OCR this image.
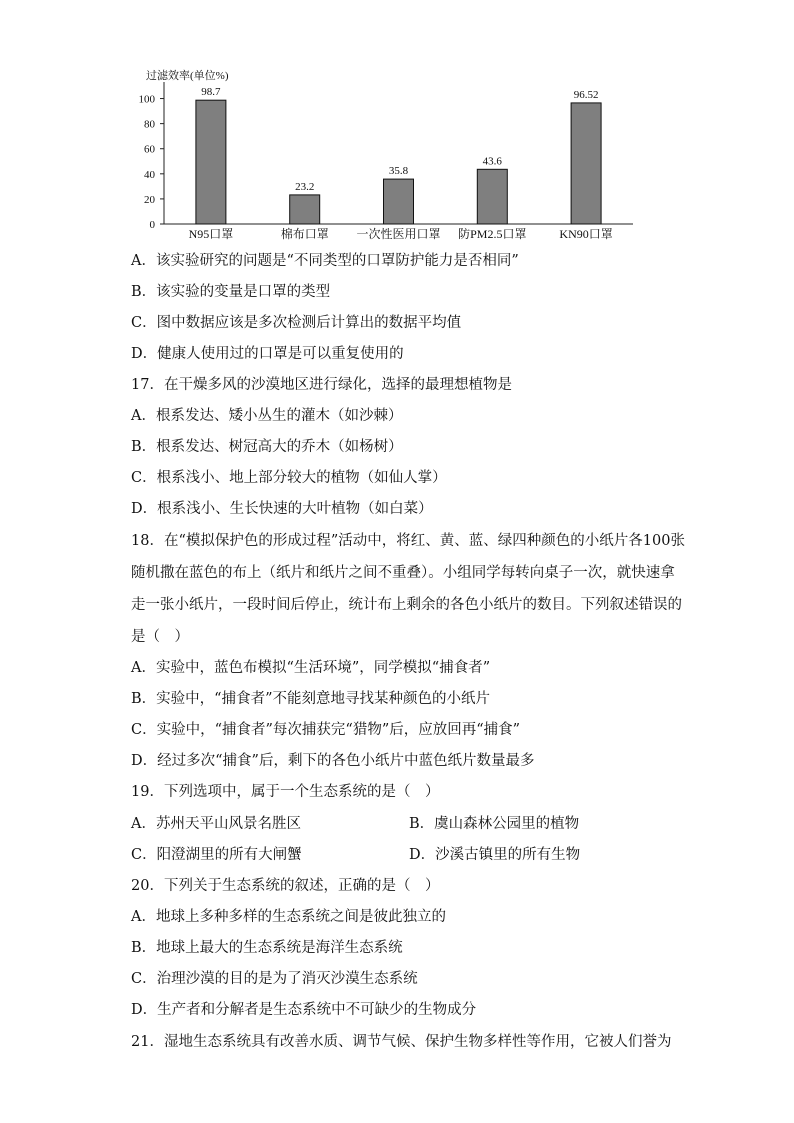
过滤效率(单位%)
0
20
40
60
80
100
98.7
N95口罩
23.2
棉布口罩
35.8
一次性医用口罩
43.6
防PM2.5口罩
96.52
KN90口罩
A．该实验研究的问题是“不同类型的口罩防护能力是否相同”
B．该实验的变量是口罩的类型
C．图中数据应该是多次检测后计算出的数据平均值
D．健康人使用过的口罩是可以重复使用的
17．在干燥多风的沙漠地区进行绿化，选择的最理想植物是
A．根系发达、矮小丛生的灌木（如沙棘）
B．根系发达、树冠高大的乔木（如杨树）
C．根系浅小、地上部分较大的植物（如仙人掌）
D．根系浅小、生长快速的大叶植物（如白菜）
18．在“模拟保护色的形成过程”活动中，将红、黄、蓝、绿四种颜色的小纸片各100张
随机撒在蓝色的布上（纸片和纸片之间不重叠）。小组同学每转向桌子一次，就快速拿
走一张小纸片，一段时间后停止，统计布上剩余的各色小纸片的数目。下列叙述错误的
是（　）
A．实验中，蓝色布模拟“生活环境”，同学模拟“捕食者”
B．实验中，“捕食者”不能刻意地寻找某种颜色的小纸片
C．实验中，“捕食者”每次捕获完“猎物”后，应放回再“捕食”
D．经过多次“捕食”后，剩下的各色小纸片中蓝色纸片数量最多
19．下列选项中，属于一个生态系统的是（　）
A．苏州天平山风景名胜区	B．虞山森林公园里的植物
C．阳澄湖里的所有大闸蟹	D．沙溪古镇里的所有生物
20．下列关于生态系统的叙述，正确的是（　）
A．地球上多种多样的生态系统之间是彼此独立的
B．地球上最大的生态系统是海洋生态系统
C．治理沙漠的目的是为了消灭沙漠生态系统
D．生产者和分解者是生态系统中不可缺少的生物成分
21．湿地生态系统具有改善水质、调节气候、保护生物多样性等作用，它被人们誉为
